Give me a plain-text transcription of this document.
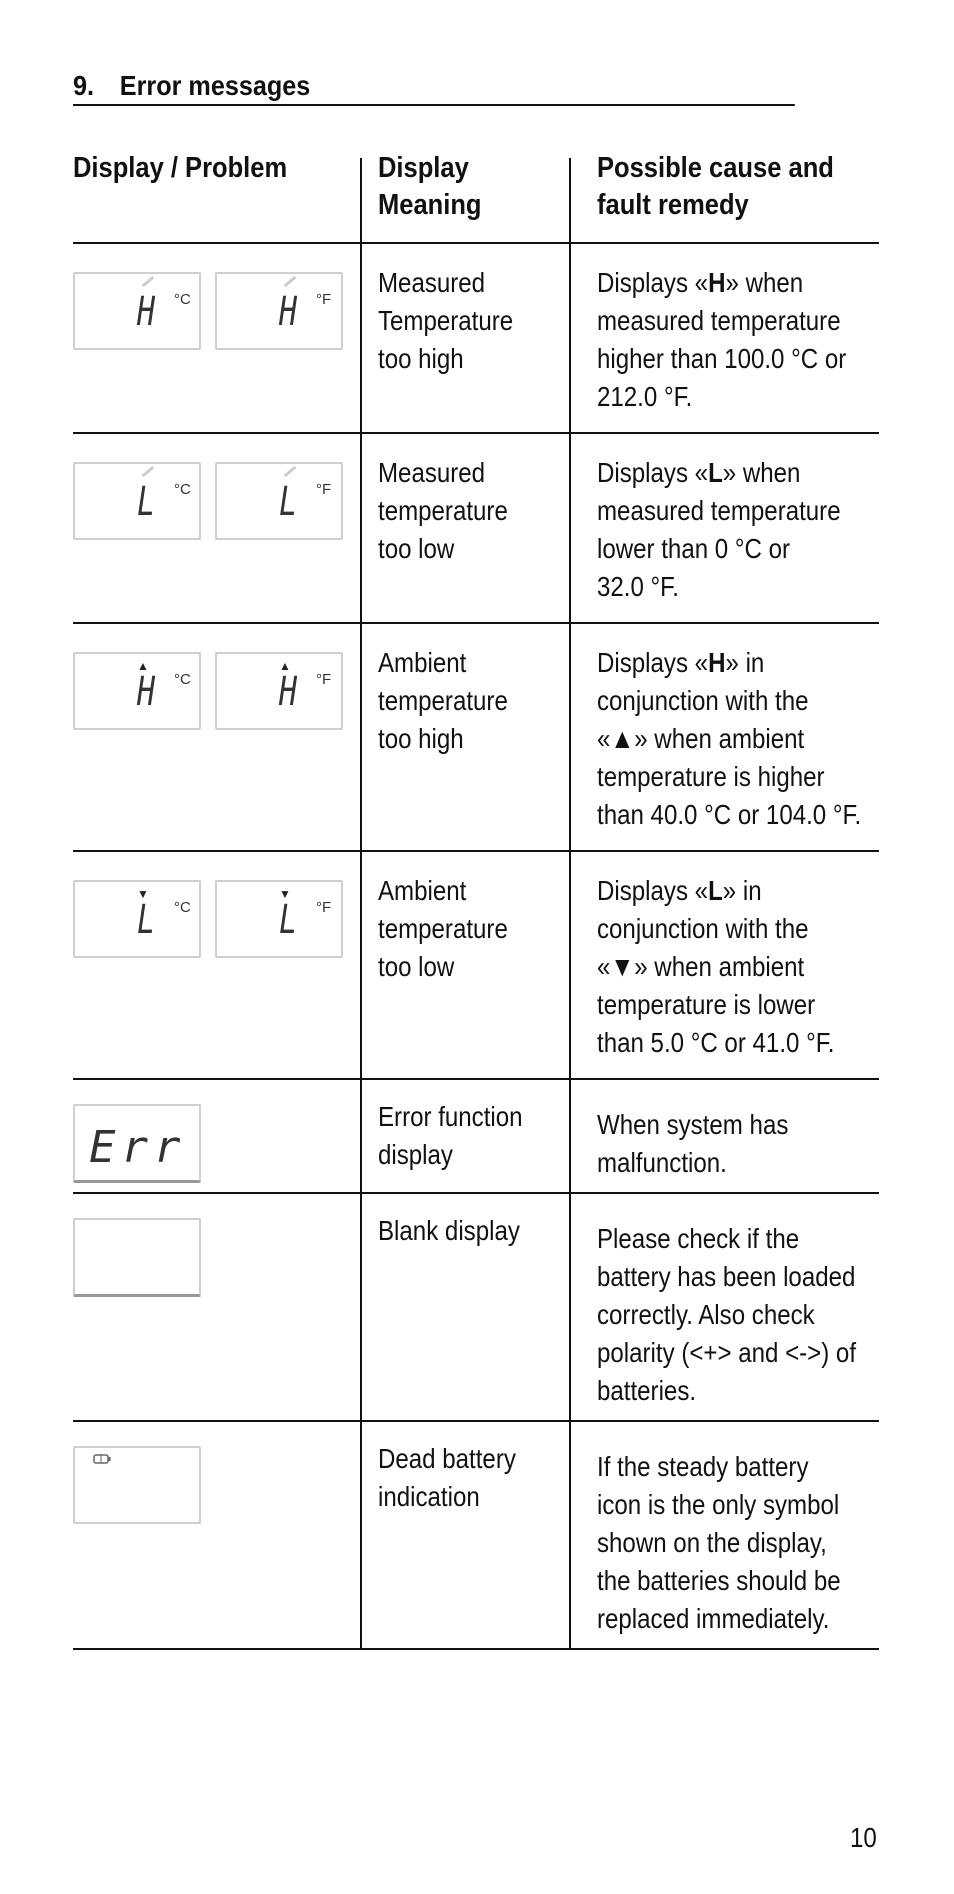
9. Error messages
Display / Problem	Display
Meaning
Possible cause and
fault remedy
H °C H °F
Measured
Temperature
too high
Displays «H» when
measured temperature
higher than 100.0 °C or
212.0 °F.
L °C L °F
Measured
temperature
too low
Displays «L» when
measured temperature
lower than 0 °C or
32.0 °F.
▲
H °C
▲
H °F
Ambient
temperature
too high
Displays «H» in
conjunction with the
«▲» when ambient
temperature is higher
than 40.0 °C or 104.0 °F.
▼
L °C
▼
L °F
Ambient
temperature
too low
Displays «L» in
conjunction with the
«▼» when ambient
temperature is lower
than 5.0 °C or 41.0 °F.
Err
Error function
display
When system has
malfunction.
Blank display	Please check if the
battery has been loaded
correctly. Also check
polarity (<+> and <->) of
batteries.
Dead battery
indication
If the steady battery
icon is the only symbol
shown on the display,
the batteries should be
replaced immediately.
10
